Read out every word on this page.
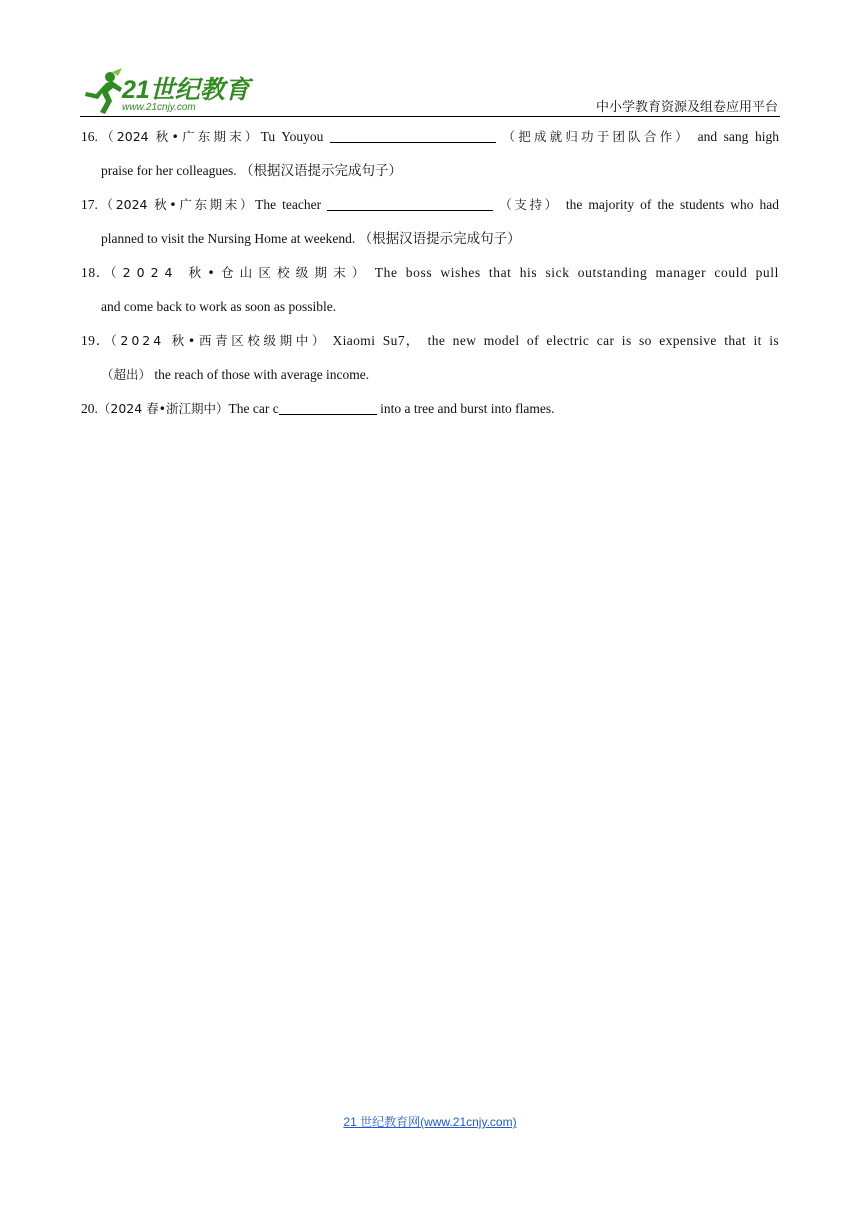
21世纪教育
www.21cnjy.com	中小学教育资源及组卷应用平台
16.（2024 秋•广东期末）Tu Youyou	（把成就归功于团队合作） and sang high
praise for her colleagues. （根据汉语提示完成句子）
17.（2024 秋•广东期末）The teacher	（支持） the majority of the students who had
planned to visit the Nursing Home at weekend. （根据汉语提示完成句子）
18．（2024 秋•仓山区校级期末） The boss wishes that his sick outstanding manager could pull
and come back to work as soon as possible.
19．（2024 秋•西青区校级期中） Xiaomi Su7， the new model of electric car is so expensive that it is
（超出） the reach of those with average income.
20.（2024 春•浙江期中）The car c	into a tree and burst into flames.
21 世纪教育网(www.21cnjy.com)
